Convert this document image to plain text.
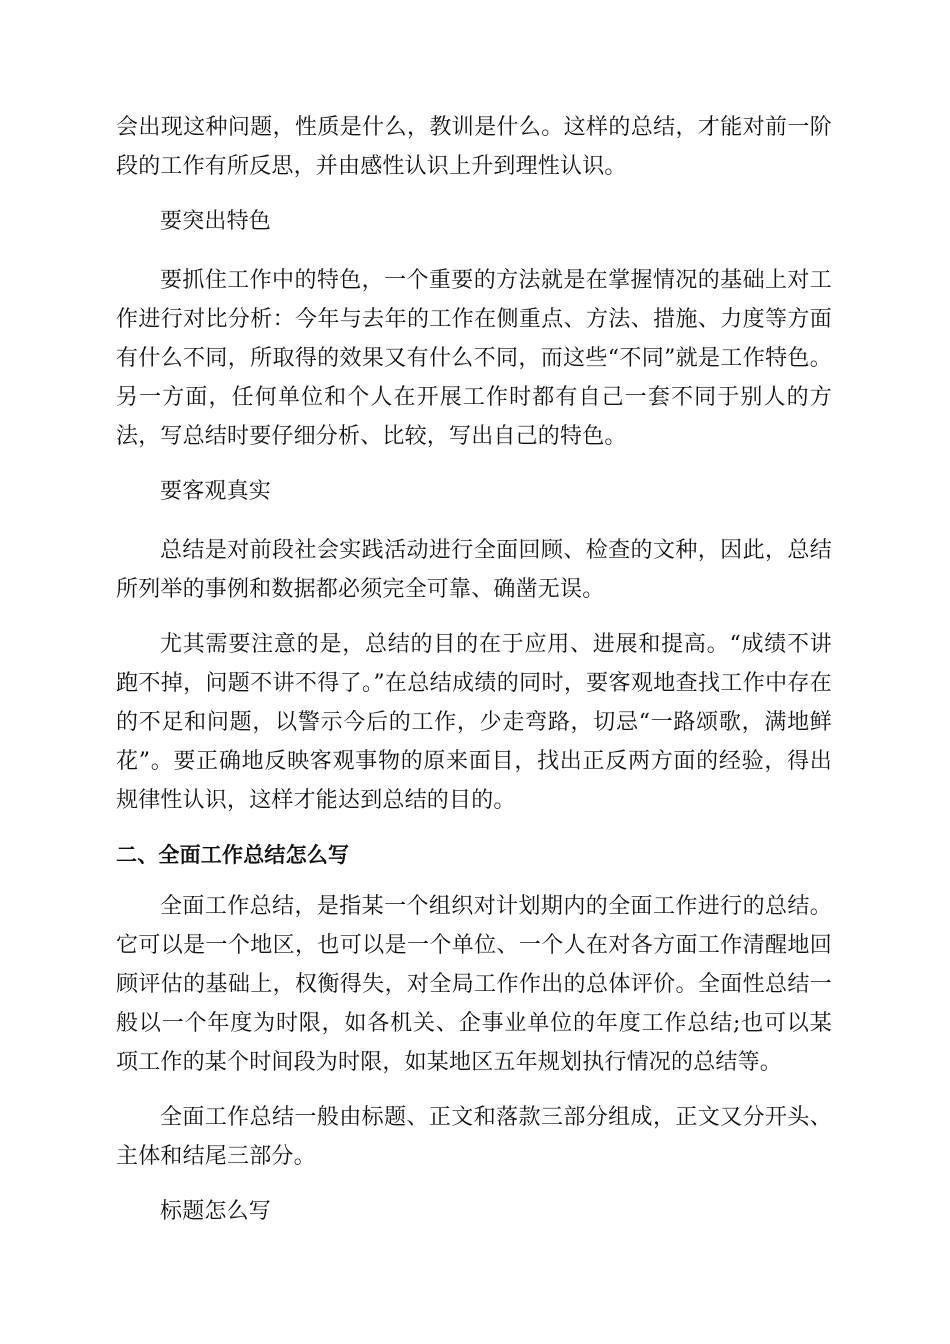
会出现这种问题，性质是什么，教训是什么。这样的总结，才能对前一阶段的工作有所反思，并由感性认识上升到理性认识。

要突出特色

要抓住工作中的特色，一个重要的方法就是在掌握情况的基础上对工作进行对比分析：今年与去年的工作在侧重点、方法、措施、力度等方面有什么不同，所取得的效果又有什么不同，而这些“不同”就是工作特色。另一方面，任何单位和个人在开展工作时都有自己一套不同于别人的方法，写总结时要仔细分析、比较，写出自己的特色。

要客观真实

总结是对前段社会实践活动进行全面回顾、检查的文种，因此，总结所列举的事例和数据都必须完全可靠、确凿无误。

尤其需要注意的是，总结的目的在于应用、进展和提高。“成绩不讲跑不掉，问题不讲不得了。”在总结成绩的同时，要客观地查找工作中存在的不足和问题，以警示今后的工作，少走弯路，切忌“一路颂歌，满地鲜花”。要正确地反映客观事物的原来面目，找出正反两方面的经验，得出规律性认识，这样才能达到总结的目的。

二、全面工作总结怎么写

全面工作总结，是指某一个组织对计划期内的全面工作进行的总结。它可以是一个地区，也可以是一个单位、一个人在对各方面工作清醒地回顾评估的基础上，权衡得失，对全局工作作出的总体评价。全面性总结一般以一个年度为时限，如各机关、企事业单位的年度工作总结;也可以某项工作的某个时间段为时限，如某地区五年规划执行情况的总结等。

全面工作总结一般由标题、正文和落款三部分组成，正文又分开头、主体和结尾三部分。

标题怎么写
